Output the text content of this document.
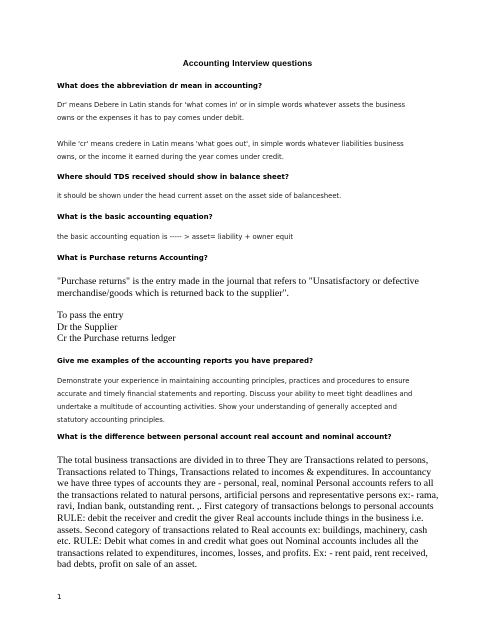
Accounting Interview questions
What does the abbreviation dr mean in accounting?
Dr' means Debere in Latin stands for 'what comes in' or in simple words whatever assets the business
owns or the expenses it has to pay comes under debit.
While 'cr' means credere in Latin means 'what goes out', in simple words whatever liabilities business
owns, or the income it earned during the year comes under credit.
Where should TDS received should show in balance sheet?
it should be shown under the head current asset on the asset side of balancesheet.
What is the basic accounting equation?
the basic accounting equation is ----- > asset= liability + owner equit
What is Purchase returns Accounting?
"Purchase returns" is the entry made in the journal that refers to "Unsatisfactory or defective
merchandise/goods which is returned back to the supplier".
To pass the entry
Dr the Supplier
Cr the Purchase returns ledger
Give me examples of the accounting reports you have prepared?
Demonstrate your experience in maintaining accounting principles, practices and procedures to ensure
accurate and timely financial statements and reporting. Discuss your ability to meet tight deadlines and
undertake a multitude of accounting activities. Show your understanding of generally accepted and
statutory accounting principles.
What is the difference between personal account real account and nominal account?
The total business transactions are divided in to three They are Transactions related to persons,
Transactions related to Things, Transactions related to incomes & expenditures. In accountancy
we have three types of accounts they are - personal, real, nominal Personal accounts refers to all
the transactions related to natural persons, artificial persons and representative persons ex:- rama,
ravi, Indian bank, outstanding rent. ,. First category of transactions belongs to personal accounts
RULE: debit the receiver and credit the giver Real accounts include things in the business i.e.
assets. Second category of transactions related to Real accounts ex: buildings, machinery, cash
etc. RULE: Debit what comes in and credit what goes out Nominal accounts includes all the
transactions related to expenditures, incomes, losses, and profits. Ex: - rent paid, rent received,
bad debts, profit on sale of an asset.
1
